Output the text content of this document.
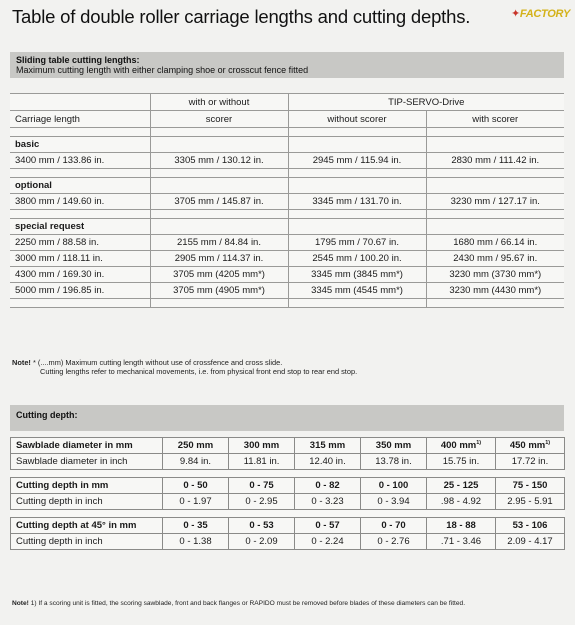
Table of double roller carriage lengths and cutting depths.	✦FACTORY
Sliding table cutting lengths:
Maximum cutting length with either clamping shoe or crosscut fence fitted
	with or without	TIP-SERVO-Drive	
Carriage length	scorer	without scorer	with scorer

basic			
3400 mm / 133.86 in.	3305 mm / 130.12 in.	2945 mm / 115.94 in.	2830 mm / 111.42 in.

optional			
3800 mm / 149.60 in.	3705 mm / 145.87 in.	3345 mm / 131.70 in.	3230 mm / 127.17 in.

special request			
2250 mm / 88.58 in.	2155 mm / 84.84 in.	1795 mm / 70.67 in.	1680 mm / 66.14 in.
3000 mm / 118.11 in.	2905 mm / 114.37 in.	2545 mm / 100.20 in.	2430 mm / 95.67 in.
4300 mm / 169.30 in.	3705 mm (4205 mm*)	3345 mm (3845 mm*)	3230 mm (3730 mm*)
5000 mm / 196.85 in.	3705 mm (4905 mm*)	3345 mm (4545 mm*)	3230 mm (4430 mm*)

Note! * (....mm) Maximum cutting length without use of crossfence and cross slide.
Cutting lengths refer to mechanical movements, i.e. from physical front end stop to rear end stop.
Cutting depth:
Sawblade diameter in mm	250 mm	300 mm	315 mm	350 mm	400 $mm^{1)}$	450 $mm^{1)}$
Sawblade diameter in inch	9.84 in.	11.81 in.	12.40 in.	13.78 in.	15.75 in.	17.72 in.

Cutting depth in mm	0 - 50	0 - 75	0 - 82	0 - 100	25 - 125	75 - 150
Cutting depth in inch	0 - 1.97	0 - 2.95	0 - 3.23	0 - 3.94	.98 - 4.92	2.95 - 5.91

Cutting depth at 45° in mm	0 - 35	0 - 53	0 - 57	0 - 70	18 - 88	53 - 106
Cutting depth in inch	0 - 1.38	0 - 2.09	0 - 2.24	0 - 2.76	.71 - 3.46	2.09 - 4.17
Note! 1) If a scoring unit is fitted, the scoring sawblade, front and back flanges or RAPIDO must be removed before blades of these diameters can be fitted.
